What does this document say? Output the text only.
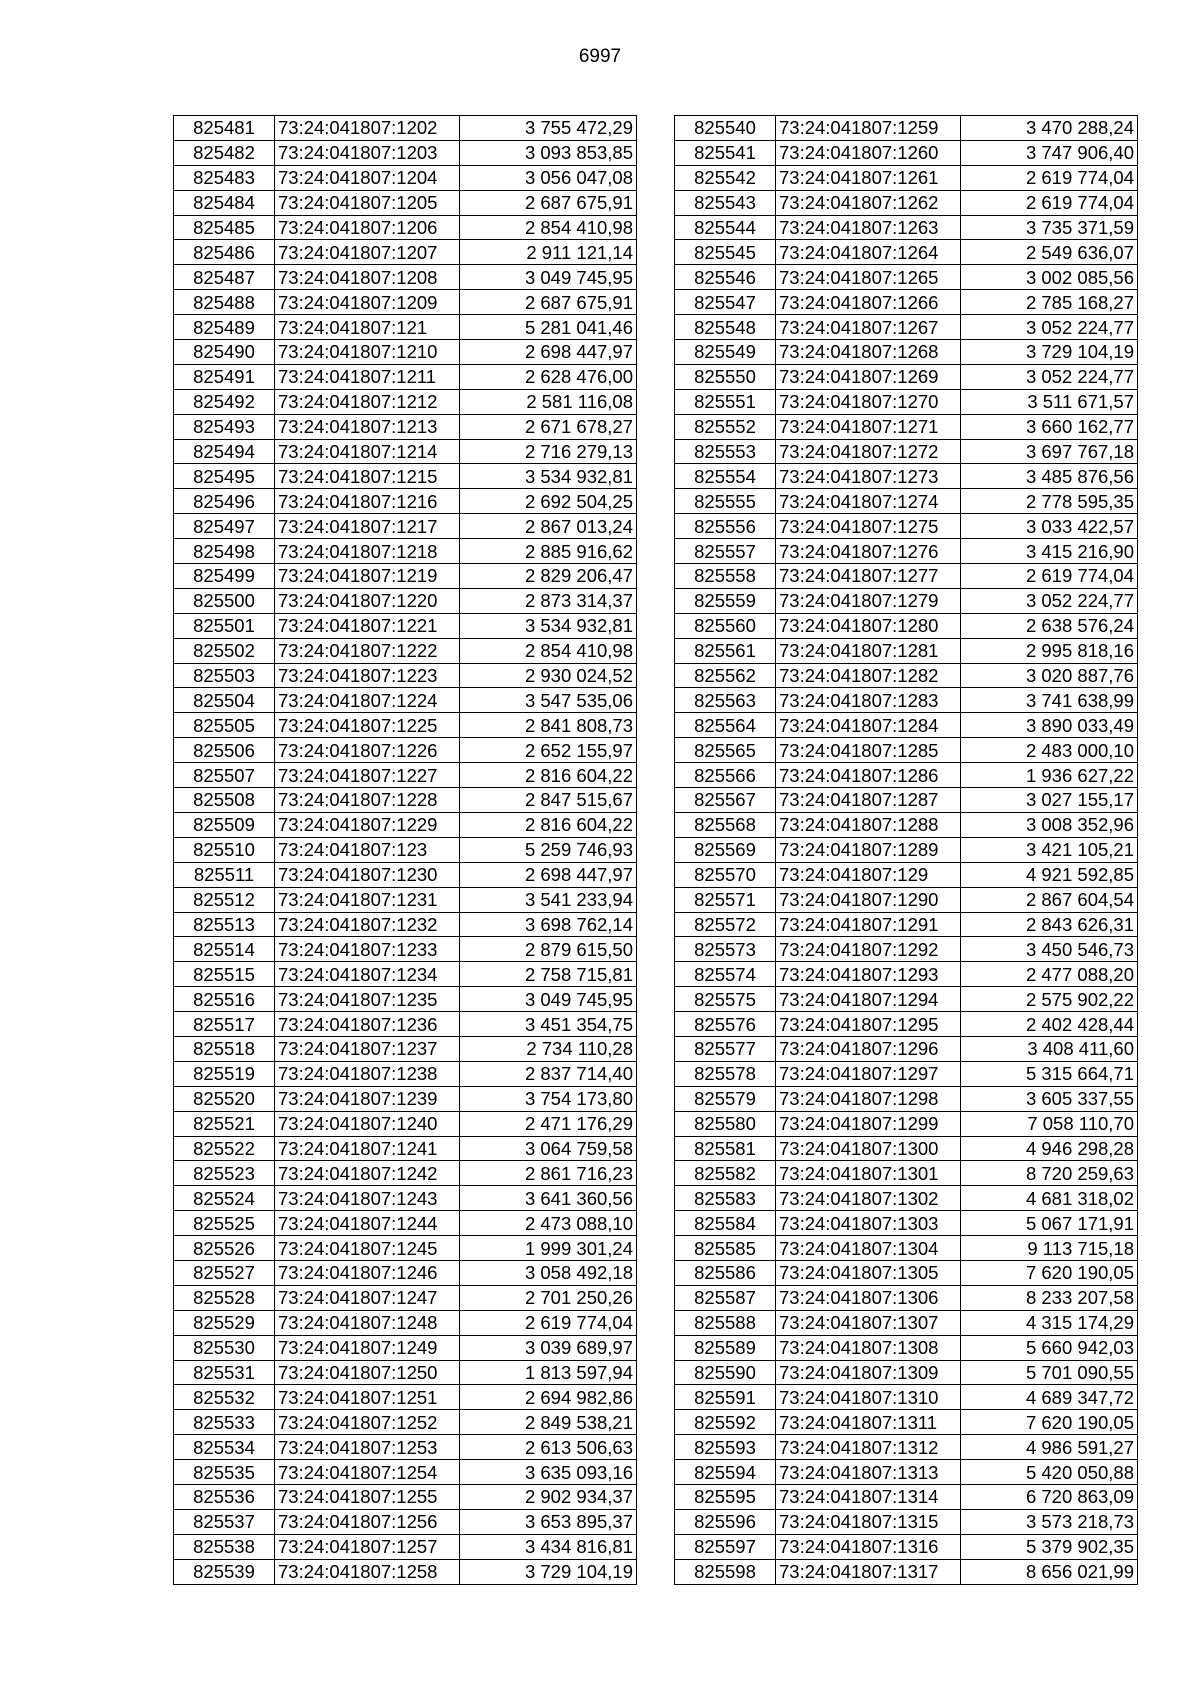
6997
825481	73:24:041807:1202	3 755 472,29
825482	73:24:041807:1203	3 093 853,85
825483	73:24:041807:1204	3 056 047,08
825484	73:24:041807:1205	2 687 675,91
825485	73:24:041807:1206	2 854 410,98
825486	73:24:041807:1207	2 911 121,14
825487	73:24:041807:1208	3 049 745,95
825488	73:24:041807:1209	2 687 675,91
825489	73:24:041807:121	5 281 041,46
825490	73:24:041807:1210	2 698 447,97
825491	73:24:041807:1211	2 628 476,00
825492	73:24:041807:1212	2 581 116,08
825493	73:24:041807:1213	2 671 678,27
825494	73:24:041807:1214	2 716 279,13
825495	73:24:041807:1215	3 534 932,81
825496	73:24:041807:1216	2 692 504,25
825497	73:24:041807:1217	2 867 013,24
825498	73:24:041807:1218	2 885 916,62
825499	73:24:041807:1219	2 829 206,47
825500	73:24:041807:1220	2 873 314,37
825501	73:24:041807:1221	3 534 932,81
825502	73:24:041807:1222	2 854 410,98
825503	73:24:041807:1223	2 930 024,52
825504	73:24:041807:1224	3 547 535,06
825505	73:24:041807:1225	2 841 808,73
825506	73:24:041807:1226	2 652 155,97
825507	73:24:041807:1227	2 816 604,22
825508	73:24:041807:1228	2 847 515,67
825509	73:24:041807:1229	2 816 604,22
825510	73:24:041807:123	5 259 746,93
825511	73:24:041807:1230	2 698 447,97
825512	73:24:041807:1231	3 541 233,94
825513	73:24:041807:1232	3 698 762,14
825514	73:24:041807:1233	2 879 615,50
825515	73:24:041807:1234	2 758 715,81
825516	73:24:041807:1235	3 049 745,95
825517	73:24:041807:1236	3 451 354,75
825518	73:24:041807:1237	2 734 110,28
825519	73:24:041807:1238	2 837 714,40
825520	73:24:041807:1239	3 754 173,80
825521	73:24:041807:1240	2 471 176,29
825522	73:24:041807:1241	3 064 759,58
825523	73:24:041807:1242	2 861 716,23
825524	73:24:041807:1243	3 641 360,56
825525	73:24:041807:1244	2 473 088,10
825526	73:24:041807:1245	1 999 301,24
825527	73:24:041807:1246	3 058 492,18
825528	73:24:041807:1247	2 701 250,26
825529	73:24:041807:1248	2 619 774,04
825530	73:24:041807:1249	3 039 689,97
825531	73:24:041807:1250	1 813 597,94
825532	73:24:041807:1251	2 694 982,86
825533	73:24:041807:1252	2 849 538,21
825534	73:24:041807:1253	2 613 506,63
825535	73:24:041807:1254	3 635 093,16
825536	73:24:041807:1255	2 902 934,37
825537	73:24:041807:1256	3 653 895,37
825538	73:24:041807:1257	3 434 816,81
825539	73:24:041807:1258	3 729 104,19
825540	73:24:041807:1259	3 470 288,24
825541	73:24:041807:1260	3 747 906,40
825542	73:24:041807:1261	2 619 774,04
825543	73:24:041807:1262	2 619 774,04
825544	73:24:041807:1263	3 735 371,59
825545	73:24:041807:1264	2 549 636,07
825546	73:24:041807:1265	3 002 085,56
825547	73:24:041807:1266	2 785 168,27
825548	73:24:041807:1267	3 052 224,77
825549	73:24:041807:1268	3 729 104,19
825550	73:24:041807:1269	3 052 224,77
825551	73:24:041807:1270	3 511 671,57
825552	73:24:041807:1271	3 660 162,77
825553	73:24:041807:1272	3 697 767,18
825554	73:24:041807:1273	3 485 876,56
825555	73:24:041807:1274	2 778 595,35
825556	73:24:041807:1275	3 033 422,57
825557	73:24:041807:1276	3 415 216,90
825558	73:24:041807:1277	2 619 774,04
825559	73:24:041807:1279	3 052 224,77
825560	73:24:041807:1280	2 638 576,24
825561	73:24:041807:1281	2 995 818,16
825562	73:24:041807:1282	3 020 887,76
825563	73:24:041807:1283	3 741 638,99
825564	73:24:041807:1284	3 890 033,49
825565	73:24:041807:1285	2 483 000,10
825566	73:24:041807:1286	1 936 627,22
825567	73:24:041807:1287	3 027 155,17
825568	73:24:041807:1288	3 008 352,96
825569	73:24:041807:1289	3 421 105,21
825570	73:24:041807:129	4 921 592,85
825571	73:24:041807:1290	2 867 604,54
825572	73:24:041807:1291	2 843 626,31
825573	73:24:041807:1292	3 450 546,73
825574	73:24:041807:1293	2 477 088,20
825575	73:24:041807:1294	2 575 902,22
825576	73:24:041807:1295	2 402 428,44
825577	73:24:041807:1296	3 408 411,60
825578	73:24:041807:1297	5 315 664,71
825579	73:24:041807:1298	3 605 337,55
825580	73:24:041807:1299	7 058 110,70
825581	73:24:041807:1300	4 946 298,28
825582	73:24:041807:1301	8 720 259,63
825583	73:24:041807:1302	4 681 318,02
825584	73:24:041807:1303	5 067 171,91
825585	73:24:041807:1304	9 113 715,18
825586	73:24:041807:1305	7 620 190,05
825587	73:24:041807:1306	8 233 207,58
825588	73:24:041807:1307	4 315 174,29
825589	73:24:041807:1308	5 660 942,03
825590	73:24:041807:1309	5 701 090,55
825591	73:24:041807:1310	4 689 347,72
825592	73:24:041807:1311	7 620 190,05
825593	73:24:041807:1312	4 986 591,27
825594	73:24:041807:1313	5 420 050,88
825595	73:24:041807:1314	6 720 863,09
825596	73:24:041807:1315	3 573 218,73
825597	73:24:041807:1316	5 379 902,35
825598	73:24:041807:1317	8 656 021,99
